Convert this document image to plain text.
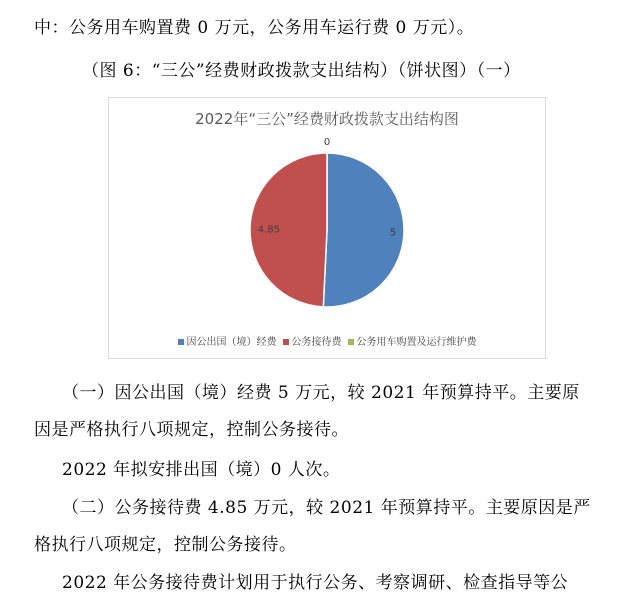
中：公务用车购置费 0 万元，公务用车运行费 0 万元）。
（图 6：“三公”经费财政拨款支出结构）（饼状图）（一）
2022年“三公”经费财政拨款支出结构图
5
4.85
0
因公出国（境）经费 公务接待费 公务用车购置及运行维护费
（一）因公出国（境）经费 5 万元，较 2021 年预算持平。主要原
因是严格执行八项规定，控制公务接待。
2022 年拟安排出国（境）0 人次。
（二）公务接待费 4.85 万元，较 2021 年预算持平。主要原因是严
格执行八项规定，控制公务接待。
2022 年公务接待费计划用于执行公务、考察调研、检查指导等公
